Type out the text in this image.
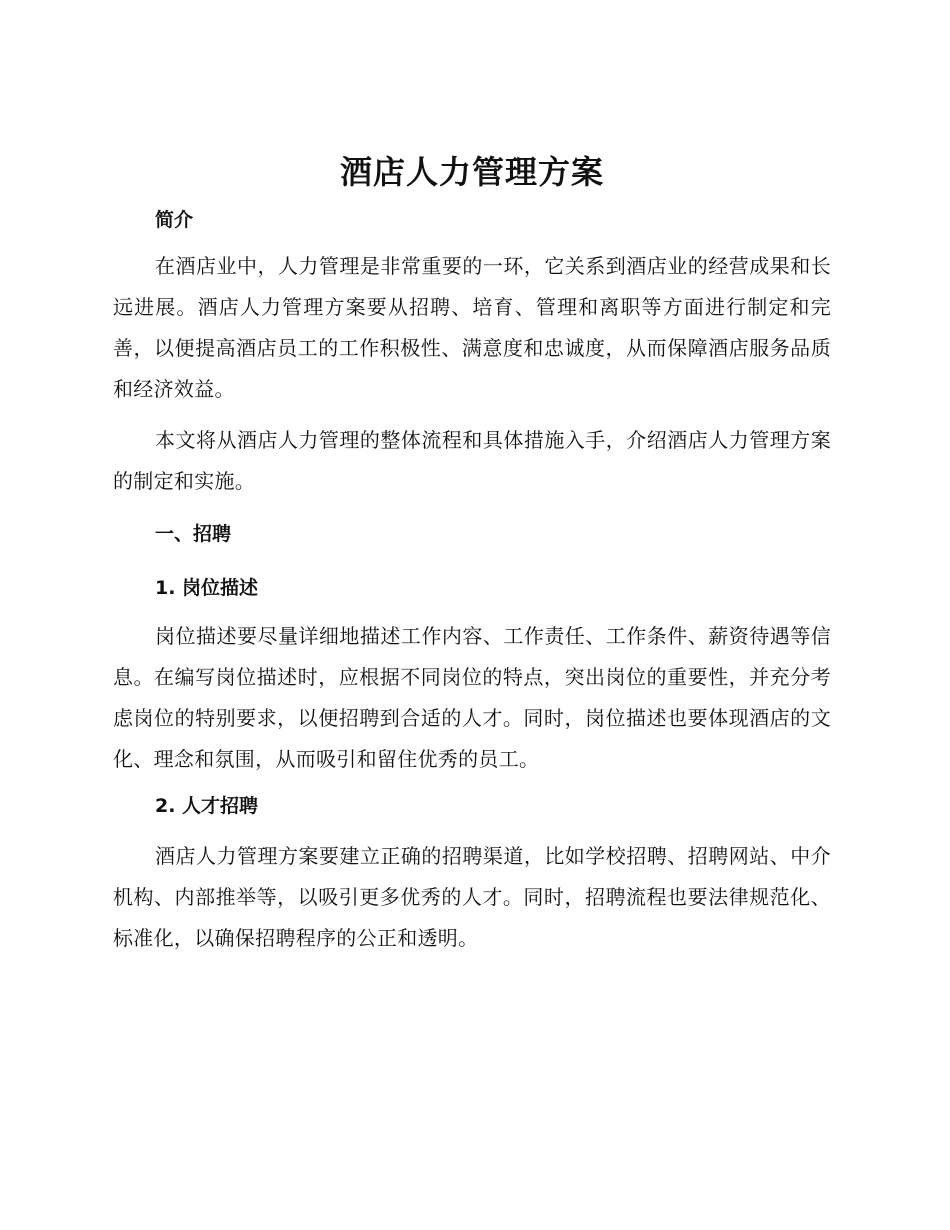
酒店人力管理方案
简介

在酒店业中，人力管理是非常重要的一环，它关系到酒店业的经营成果和长远进展。酒店人力管理方案要从招聘、培育、管理和离职等方面进行制定和完善，以便提高酒店员工的工作积极性、满意度和忠诚度，从而保障酒店服务品质和经济效益。

本文将从酒店人力管理的整体流程和具体措施入手，介绍酒店人力管理方案的制定和实施。

一、招聘
1. 岗位描述

岗位描述要尽量详细地描述工作内容、工作责任、工作条件、薪资待遇等信息。在编写岗位描述时，应根据不同岗位的特点，突出岗位的重要性，并充分考虑岗位的特别要求，以便招聘到合适的人才。同时，岗位描述也要体现酒店的文化、理念和氛围，从而吸引和留住优秀的员工。

2. 人才招聘

酒店人力管理方案要建立正确的招聘渠道，比如学校招聘、招聘网站、中介机构、内部推举等，以吸引更多优秀的人才。同时，招聘流程也要法律规范化、标准化，以确保招聘程序的公正和透明。
